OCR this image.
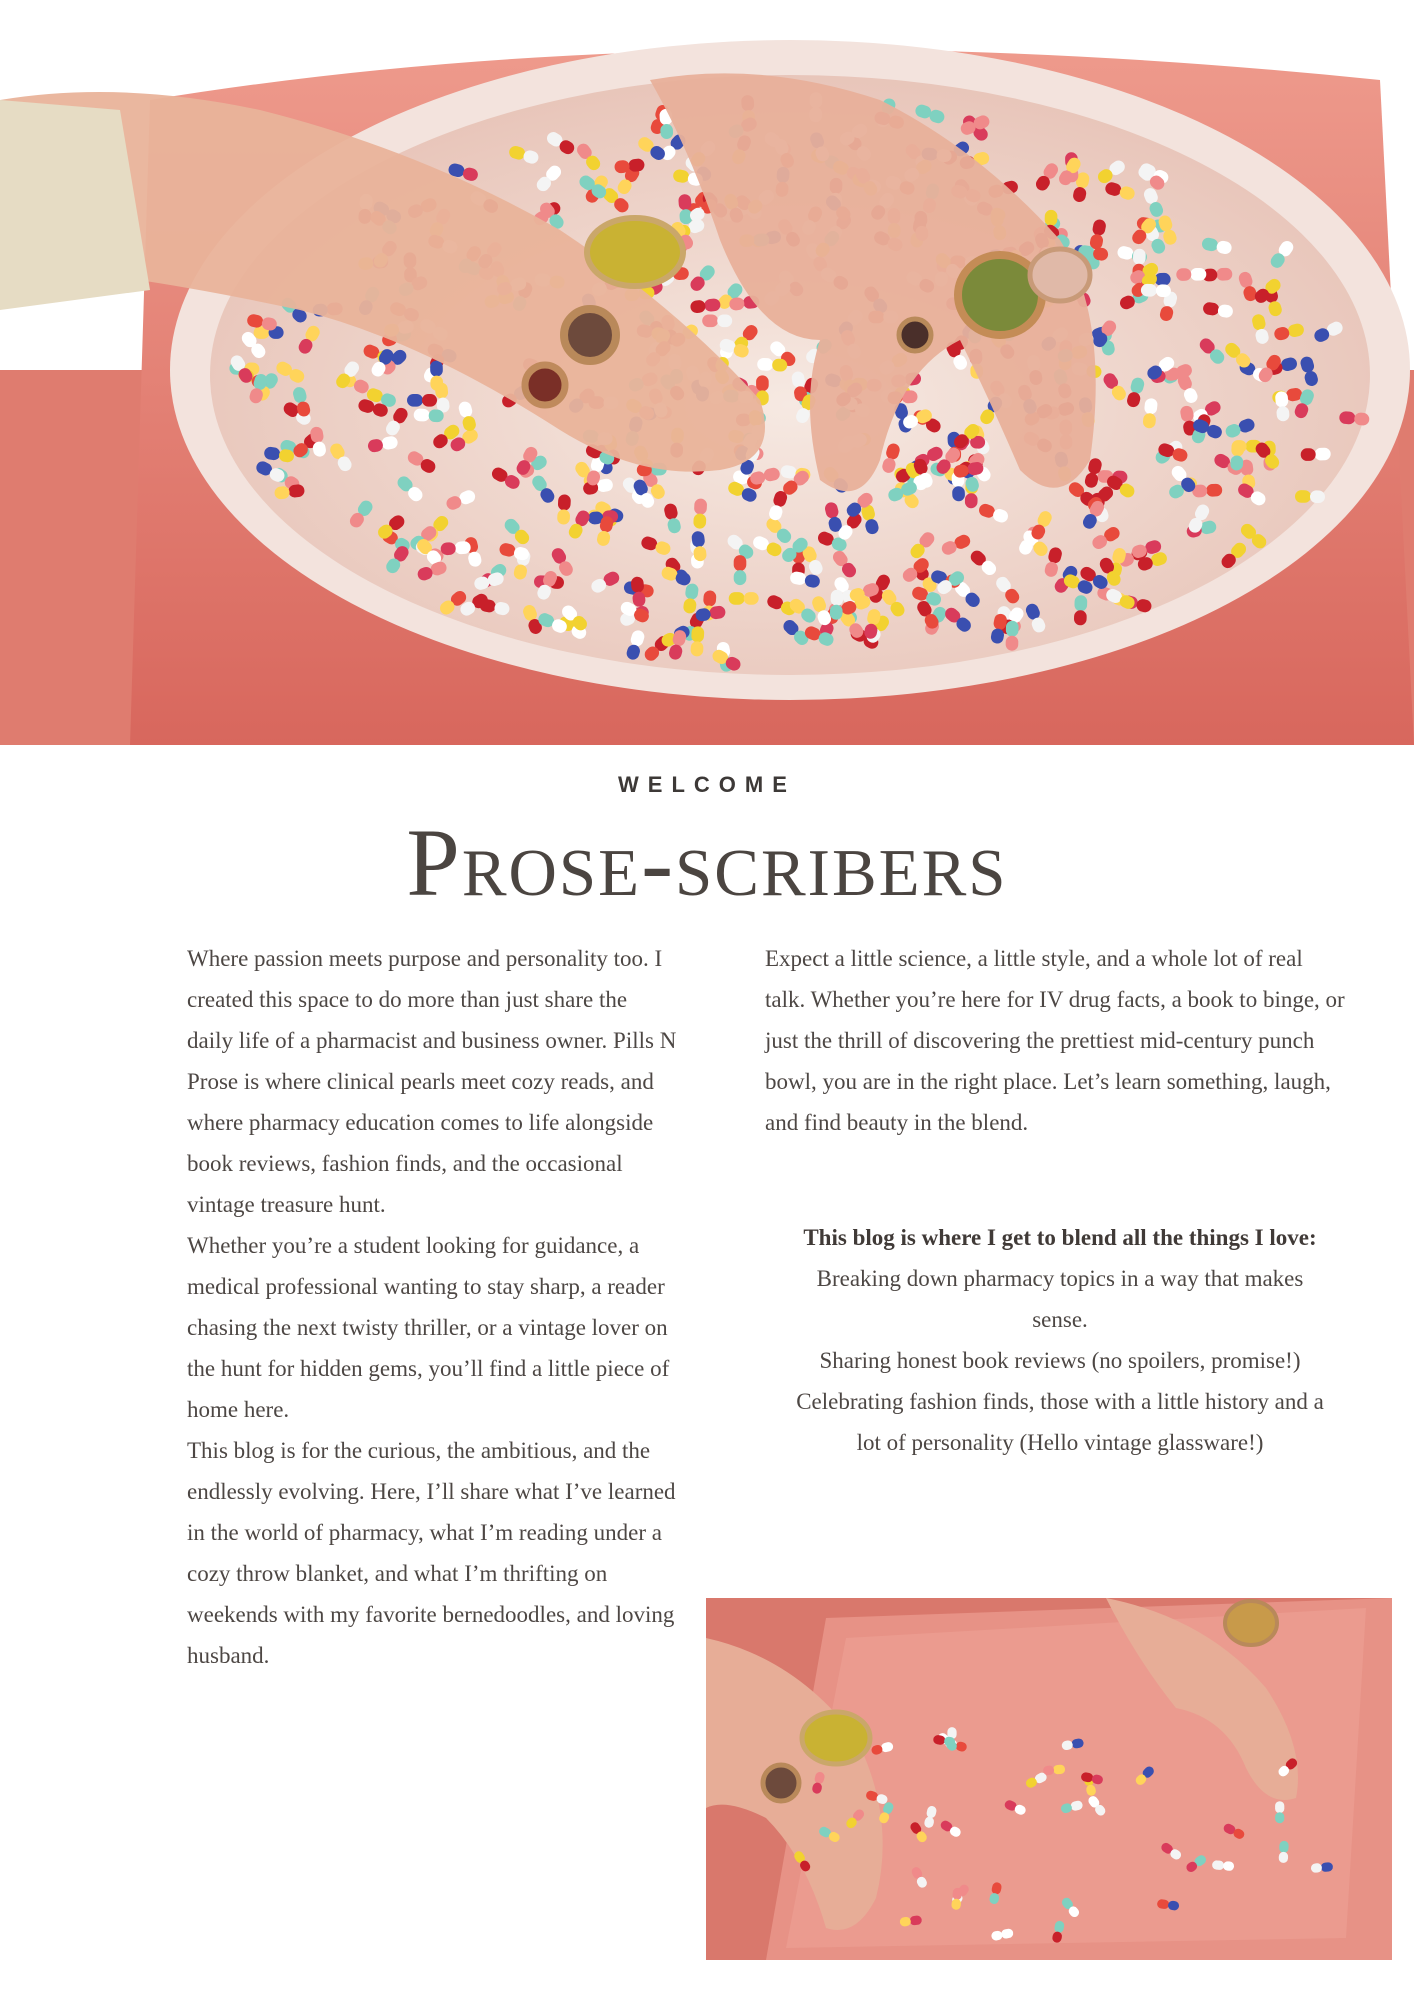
WELCOME
Prose-scribers

Where passion meets purpose and personality too. I created this space to do more than just share the daily life of a pharmacist and business owner. Pills N Prose is where clinical pearls meet cozy reads, and where pharmacy education comes to life alongside book reviews, fashion finds, and the occasional vintage treasure hunt.

Whether you’re a student looking for guidance, a medical professional wanting to stay sharp, a reader chasing the next twisty thriller, or a vintage lover on the hunt for hidden gems, you’ll find a little piece of home here.

This blog is for the curious, the ambitious, and the endlessly evolving. Here, I’ll share what I’ve learned in the world of pharmacy, what I’m reading under a cozy throw blanket, and what I’m thrifting on weekends with my favorite bernedoodles, and loving husband.

Expect a little science, a little style, and a whole lot of real talk. Whether you’re here for IV drug facts, a book to binge, or just the thrill of discovering the prettiest mid-century punch bowl, you are in the right place. Let’s learn something, laugh, and find beauty in the blend.

This blog is where I get to blend all the things I love:

Breaking down pharmacy topics in a way that makes sense.

Sharing honest book reviews (no spoilers, promise!)

Celebrating fashion finds, those with a little history and a lot of personality (Hello vintage glassware!)
